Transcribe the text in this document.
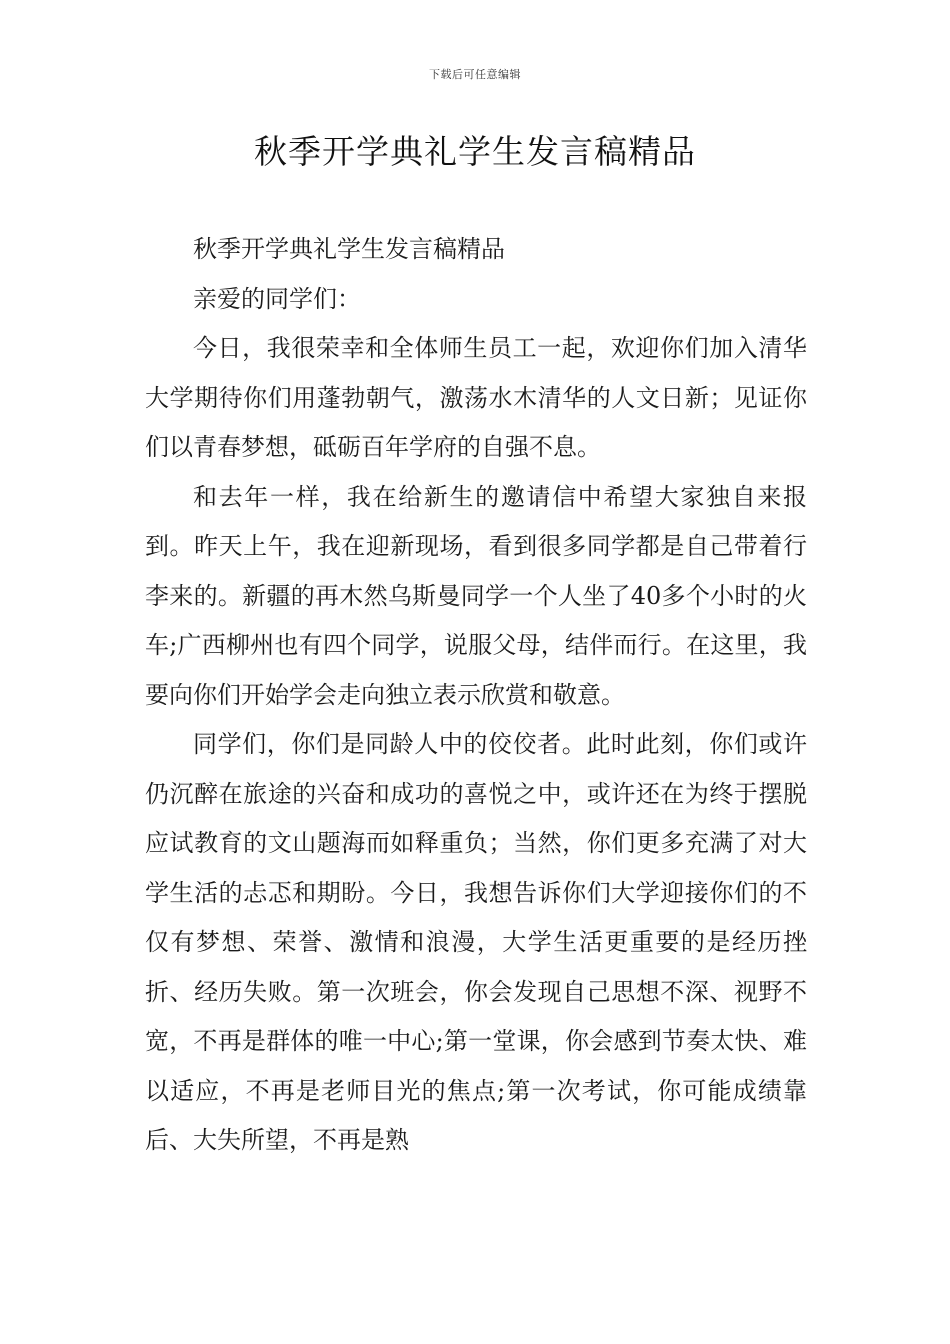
下载后可任意编辑
秋季开学典礼学生发言稿精品

秋季开学典礼学生发言稿精品

亲爱的同学们：

今日，我很荣幸和全体师生员工一起，欢迎你们加入清华大学期待你们用蓬勃朝气，激荡水木清华的人文日新；见证你们以青春梦想，砥砺百年学府的自强不息。

和去年一样，我在给新生的邀请信中希望大家独自来报到。昨天上午，我在迎新现场，看到很多同学都是自己带着行李来的。新疆的再木然乌斯曼同学一个人坐了40多个小时的火车;广西柳州也有四个同学，说服父母，结伴而行。在这里，我要向你们开始学会走向独立表示欣赏和敬意。

同学们，你们是同龄人中的佼佼者。此时此刻，你们或许仍沉醉在旅途的兴奋和成功的喜悦之中，或许还在为终于摆脱应试教育的文山题海而如释重负；当然，你们更多充满了对大学生活的忐忑和期盼。今日，我想告诉你们大学迎接你们的不仅有梦想、荣誉、激情和浪漫，大学生活更重要的是经历挫折、经历失败。第一次班会，你会发现自己思想不深、视野不宽，不再是群体的唯一中心;第一堂课，你会感到节奏太快、难以适应，不再是老师目光的焦点;第一次考试，你可能成绩靠后、大失所望，不再是熟
